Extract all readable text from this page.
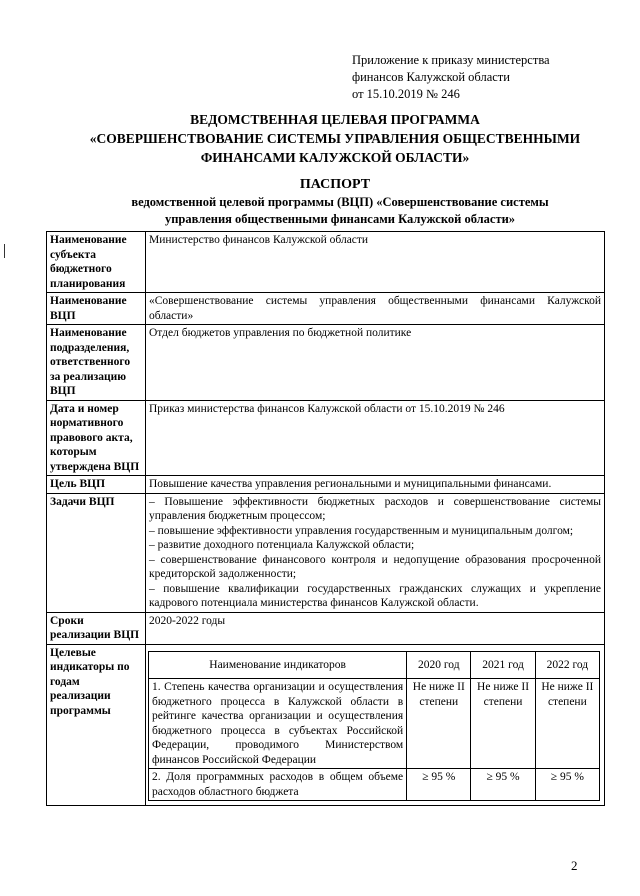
Приложение к приказу министерства
финансов Калужской области
от 15.10.2019 № 246
ВЕДОМСТВЕННАЯ ЦЕЛЕВАЯ ПРОГРАММА
«СОВЕРШЕНСТВОВАНИЕ СИСТЕМЫ УПРАВЛЕНИЯ ОБЩЕСТВЕННЫМИ
ФИНАНСАМИ КАЛУЖСКОЙ ОБЛАСТИ»
ПАСПОРТ
ведомственной целевой программы (ВЦП) «Совершенствование системы
управления общественными финансами Калужской области»
Наименование субъекта бюджетного планирования	Министерство финансов Калужской области
Наименование ВЦП	«Совершенствование системы управления общественными финансами Калужской области»
Наименование подразделения, ответственного за реализацию ВЦП	Отдел бюджетов управления по бюджетной политике
Дата и номер нормативного правового акта, которым утверждена ВЦП	Приказ министерства финансов Калужской области от 15.10.2019 № 246
Цель ВЦП	Повышение качества управления региональными и муниципальными финансами.
Задачи ВЦП	– Повышение эффективности бюджетных расходов и совершенствование системы управления бюджетным процессом;
– повышение эффективности управления государственным и муниципальным долгом;
– развитие доходного потенциала Калужской области;
– совершенствование финансового контроля и недопущение образования просроченной кредиторской задолженности;
– повышение квалификации государственных гражданских служащих и укрепление кадрового потенциала министерства финансов Калужской области.

Сроки реализации ВЦП	2020-2022 годы
Целевые индикаторы по годам реализации программы	
Наименование индикаторов	2020 год	2021 год	2022 год
1. Степень качества организации и осуществления бюджетного процесса в Калужской области в рейтинге качества организации и осуществления бюджетного процесса в субъектах Российской Федерации, проводимого Министерством финансов Российской Федерации	Не ниже II степени	Не ниже II степени	Не ниже II степени
2. Доля программных расходов в общем объеме расходов областного бюджета	≥ 95 %	≥ 95 %	≥ 95 %
2
